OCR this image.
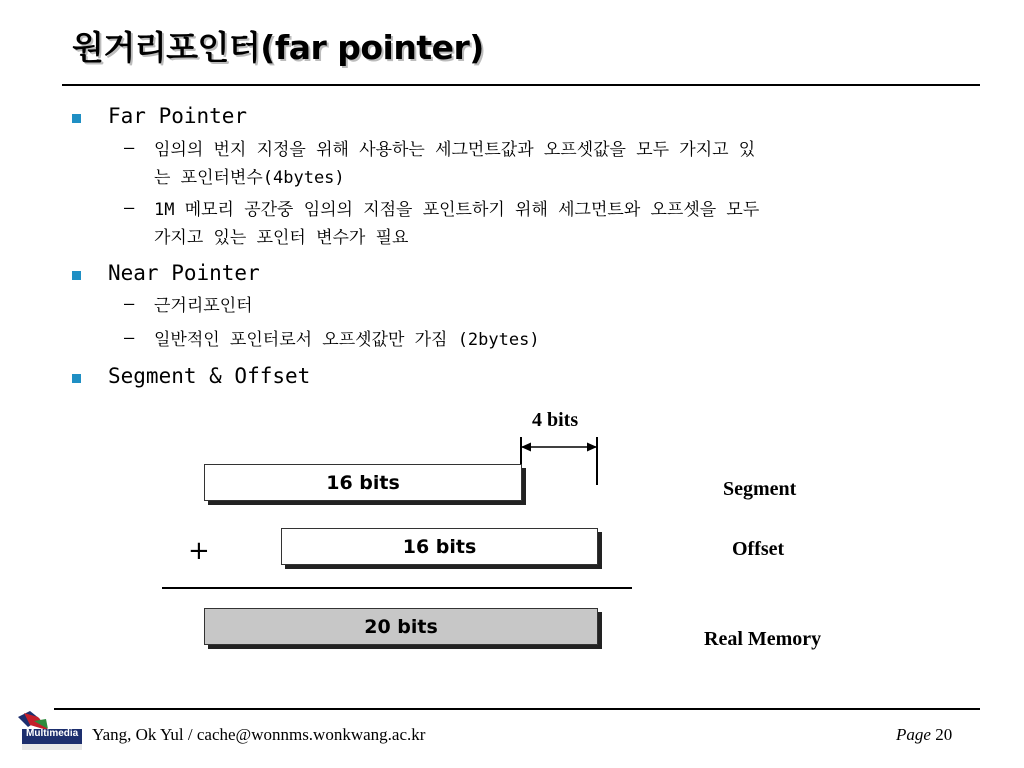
원거리포인터(far pointer)
Far Pointer
– 임의의 번지 지정을 위해 사용하는 세그먼트값과 오프셋값을 모두 가지고 있
는 포인터변수(4bytes)
– 1M 메모리 공간중 임의의 지점을 포인트하기 위해 세그먼트와 오프셋을 모두
가지고 있는 포인터 변수가 필요
Near Pointer
– 근거리포인터
– 일반적인 포인터로서 오프셋값만 가짐 (2bytes)
Segment & Offset
4 bits
16 bits	Segment
+	16 bits	Offset
20 bits
Real Memory
Multimedia Yang, Ok Yul / cache@wonnms.wonkwang.ac.kr	Page 20
